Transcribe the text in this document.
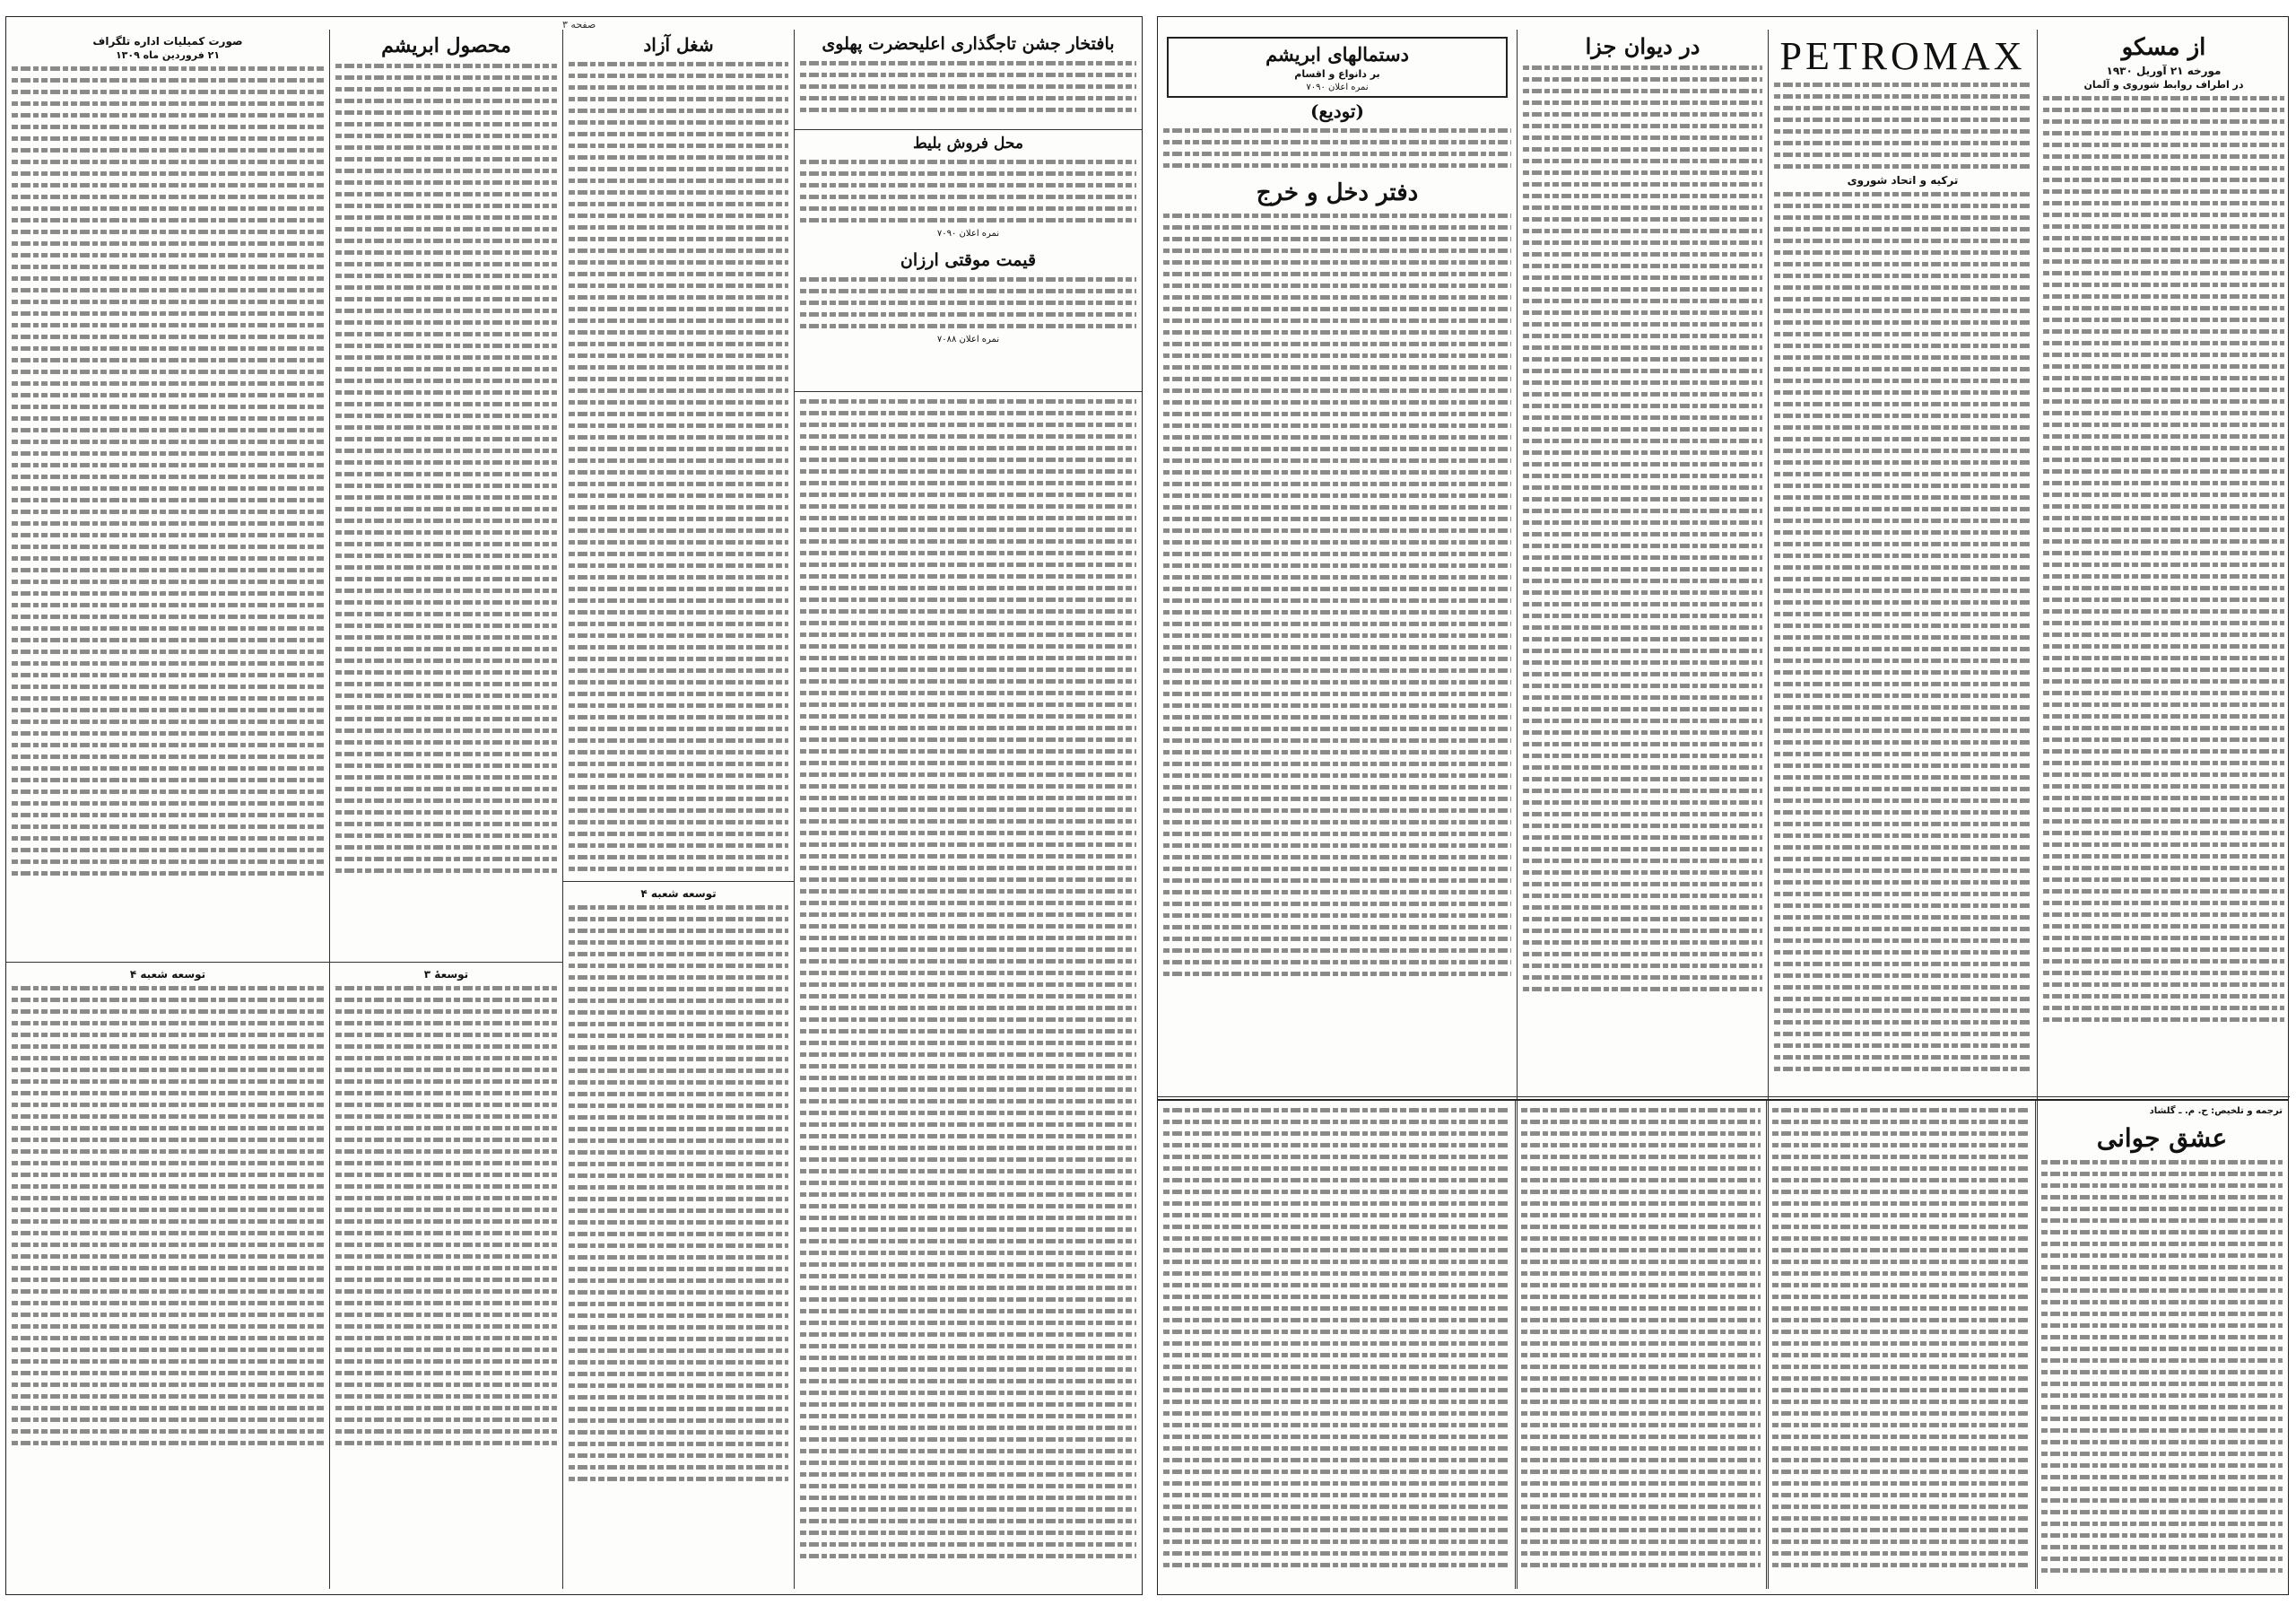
صفحه ۳
بافتخار جشن تاجگذاری اعلیحضرت پهلوی
محل فروش بلیط
نمره اعلان ۷۰۹۰
قیمت موقتی ارزان
نمره اعلان ۷۰۸۸
شغل آزاد
توسعه شعبه ۴
محصول ابریشم
توسعهٔ ۳
صورت کمیلیات اداره تلگراف
۲۱ فروردین ماه ۱۳۰۹
توسعه شعبه ۴
از مسکو
مورخه ۲۱ آوریل ۱۹۳۰
در اطراف روابط شوروی و آلمان
PETROMAX
ترکیه و اتحاد شوروی
در دیوان جزا
دستمالهای ابریشم
بر دانواع و اقسام
نمره اعلان ۷۰۹۰
(تودیع)
دفتر دخل و خرج
ترجمه و تلخیص: ح. م. ـ گلشاد
عشق جوانی
